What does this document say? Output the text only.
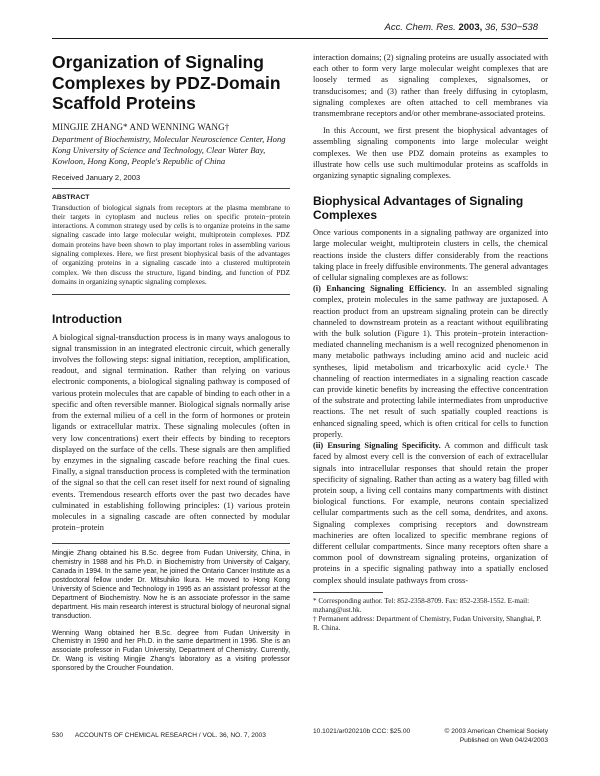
Acc. Chem. Res. 2003, 36, 530−538
Organization of Signaling Complexes by PDZ-Domain Scaffold Proteins
MINGJIE ZHANG* AND WENNING WANG†
Department of Biochemistry, Molecular Neuroscience Center, Hong Kong University of Science and Technology, Clear Water Bay, Kowloon, Hong Kong, People's Republic of China
Received January 2, 2003
ABSTRACT

Transduction of biological signals from receptors at the plasma membrane to their targets in cytoplasm and nucleus relies on specific protein−protein interactions. A common strategy used by cells is to organize proteins in the same signaling cascade into large molecular weight, multiprotein complexes. PDZ domain proteins have been shown to play important roles in assembling various signaling complexes. Here, we first present biophysical basis of the advantages of organizing proteins in a signaling cascade into a clustered multiprotein complex. We then discuss the structure, ligand binding, and function of PDZ domains in organizing synaptic signaling complexes.

Introduction

A biological signal-transduction process is in many ways analogous to signal transmission in an integrated electronic circuit, which generally involves the following steps: signal initiation, reception, amplification, readout, and signal termination. Rather than relying on various electronic components, a biological signaling pathway is composed of various protein molecules that are capable of binding to each other in a specific and often reversible manner. Biological signals normally arise from the external milieu of a cell in the form of hormones or protein ligands or extracellular matrix. These signaling molecules (often in very low concentrations) exert their effects by binding to receptors displayed on the surface of the cells. These signals are then amplified by enzymes in the signaling cascade before reaching the final cues. Finally, a signal transduction process is completed with the termination of the signal so that the cell can reset itself for next round of signaling events. Tremendous research efforts over the past two decades have culminated in establishing following principles: (1) various protein molecules in a signaling cascade are often connected by modular protein−protein

Mingjie Zhang obtained his B.Sc. degree from Fudan University, China, in chemistry in 1988 and his Ph.D. in Biochemistry from University of Calgary, Canada in 1994. In the same year, he joined the Ontario Cancer Institute as a postdoctoral fellow under Dr. Mitsuhiko Ikura. He moved to Hong Kong University of Science and Technology in 1995 as an assistant professor at the Department of Biochemistry. Now he is an associate professor in the same department. His main research interest is structural biology of neuronal signal transduction.

Wenning Wang obtained her B.Sc. degree from Fudan University in Chemistry in 1990 and her Ph.D. in the same department in 1996. She is an associate professor in Fudan University, Department of Chemistry. Currently, Dr. Wang is visiting Mingjie Zhang's laboratory as a visiting professor sponsored by the Croucher Foundation.

interaction domains; (2) signaling proteins are usually associated with each other to form very large molecular weight complexes that are loosely termed as signaling complexes, signalsomes, or transducisomes; and (3) rather than freely diffusing in cytoplasm, signaling complexes are often attached to cell membranes via transmembrane receptors and/or other membrane-associated proteins.

In this Account, we first present the biophysical advantages of assembling signaling components into large molecular weight complexes. We then use PDZ domain proteins as examples to illustrate how cells use such multimodular proteins as scaffolds in organizing synaptic signaling complexes.

Biophysical Advantages of Signaling Complexes

Once various components in a signaling pathway are organized into large molecular weight, multiprotein clusters in cells, the chemical reactions inside the clusters differ considerably from the reactions taking place in freely diffusible environments. The general advantages of cellular signaling complexes are as follows:

(i) Enhancing Signaling Efficiency. In an assembled signaling complex, protein molecules in the same pathway are juxtaposed. A reaction product from an upstream signaling protein can be directly channeled to downstream protein as a reactant without equilibrating with the bulk solution (Figure 1). This protein−protein interaction-mediated channeling mechanism is a well recognized phenomenon in many metabolic pathways including amino acid and nucleic acid syntheses, lipid metabolism and tricarboxylic acid cycle.¹ The channeling of reaction intermediates in a signaling reaction cascade can provide kinetic benefits by increasing the effective concentration of the substrate and protecting labile intermediates from unproductive reactions. The net result of such spatially coupled reactions is enhanced signaling speed, which is often critical for cells to function properly.

(ii) Ensuring Signaling Specificity. A common and difficult task faced by almost every cell is the conversion of each of extracellular signals into intracellular responses that should retain the proper specificity of signaling. Rather than acting as a watery bag filled with protein soup, a living cell contains many compartments with distinct biological functions. For example, neurons contain specialized cellular compartments such as the cell soma, dendrites, and axons. Signaling complexes comprising receptors and downstream machineries are often localized to specific membrane regions of different cellular compartments. Since many receptors often share a common pool of downstream signaling proteins, organization of proteins in a specific signaling pathway into a spatially enclosed complex should insulate pathways from cross-

* Corresponding author. Tel: 852-2358-8709. Fax: 852-2358-1552. E-mail: mzhang@ust.hk.

† Permanent address: Department of Chemistry, Fudan University, Shanghai, P. R. China.

530 ACCOUNTS OF CHEMICAL RESEARCH / VOL. 36, NO. 7, 2003
10.1021/ar020210b CCC: $25.00	© 2003 American Chemical Society
Published on Web 04/24/2003
